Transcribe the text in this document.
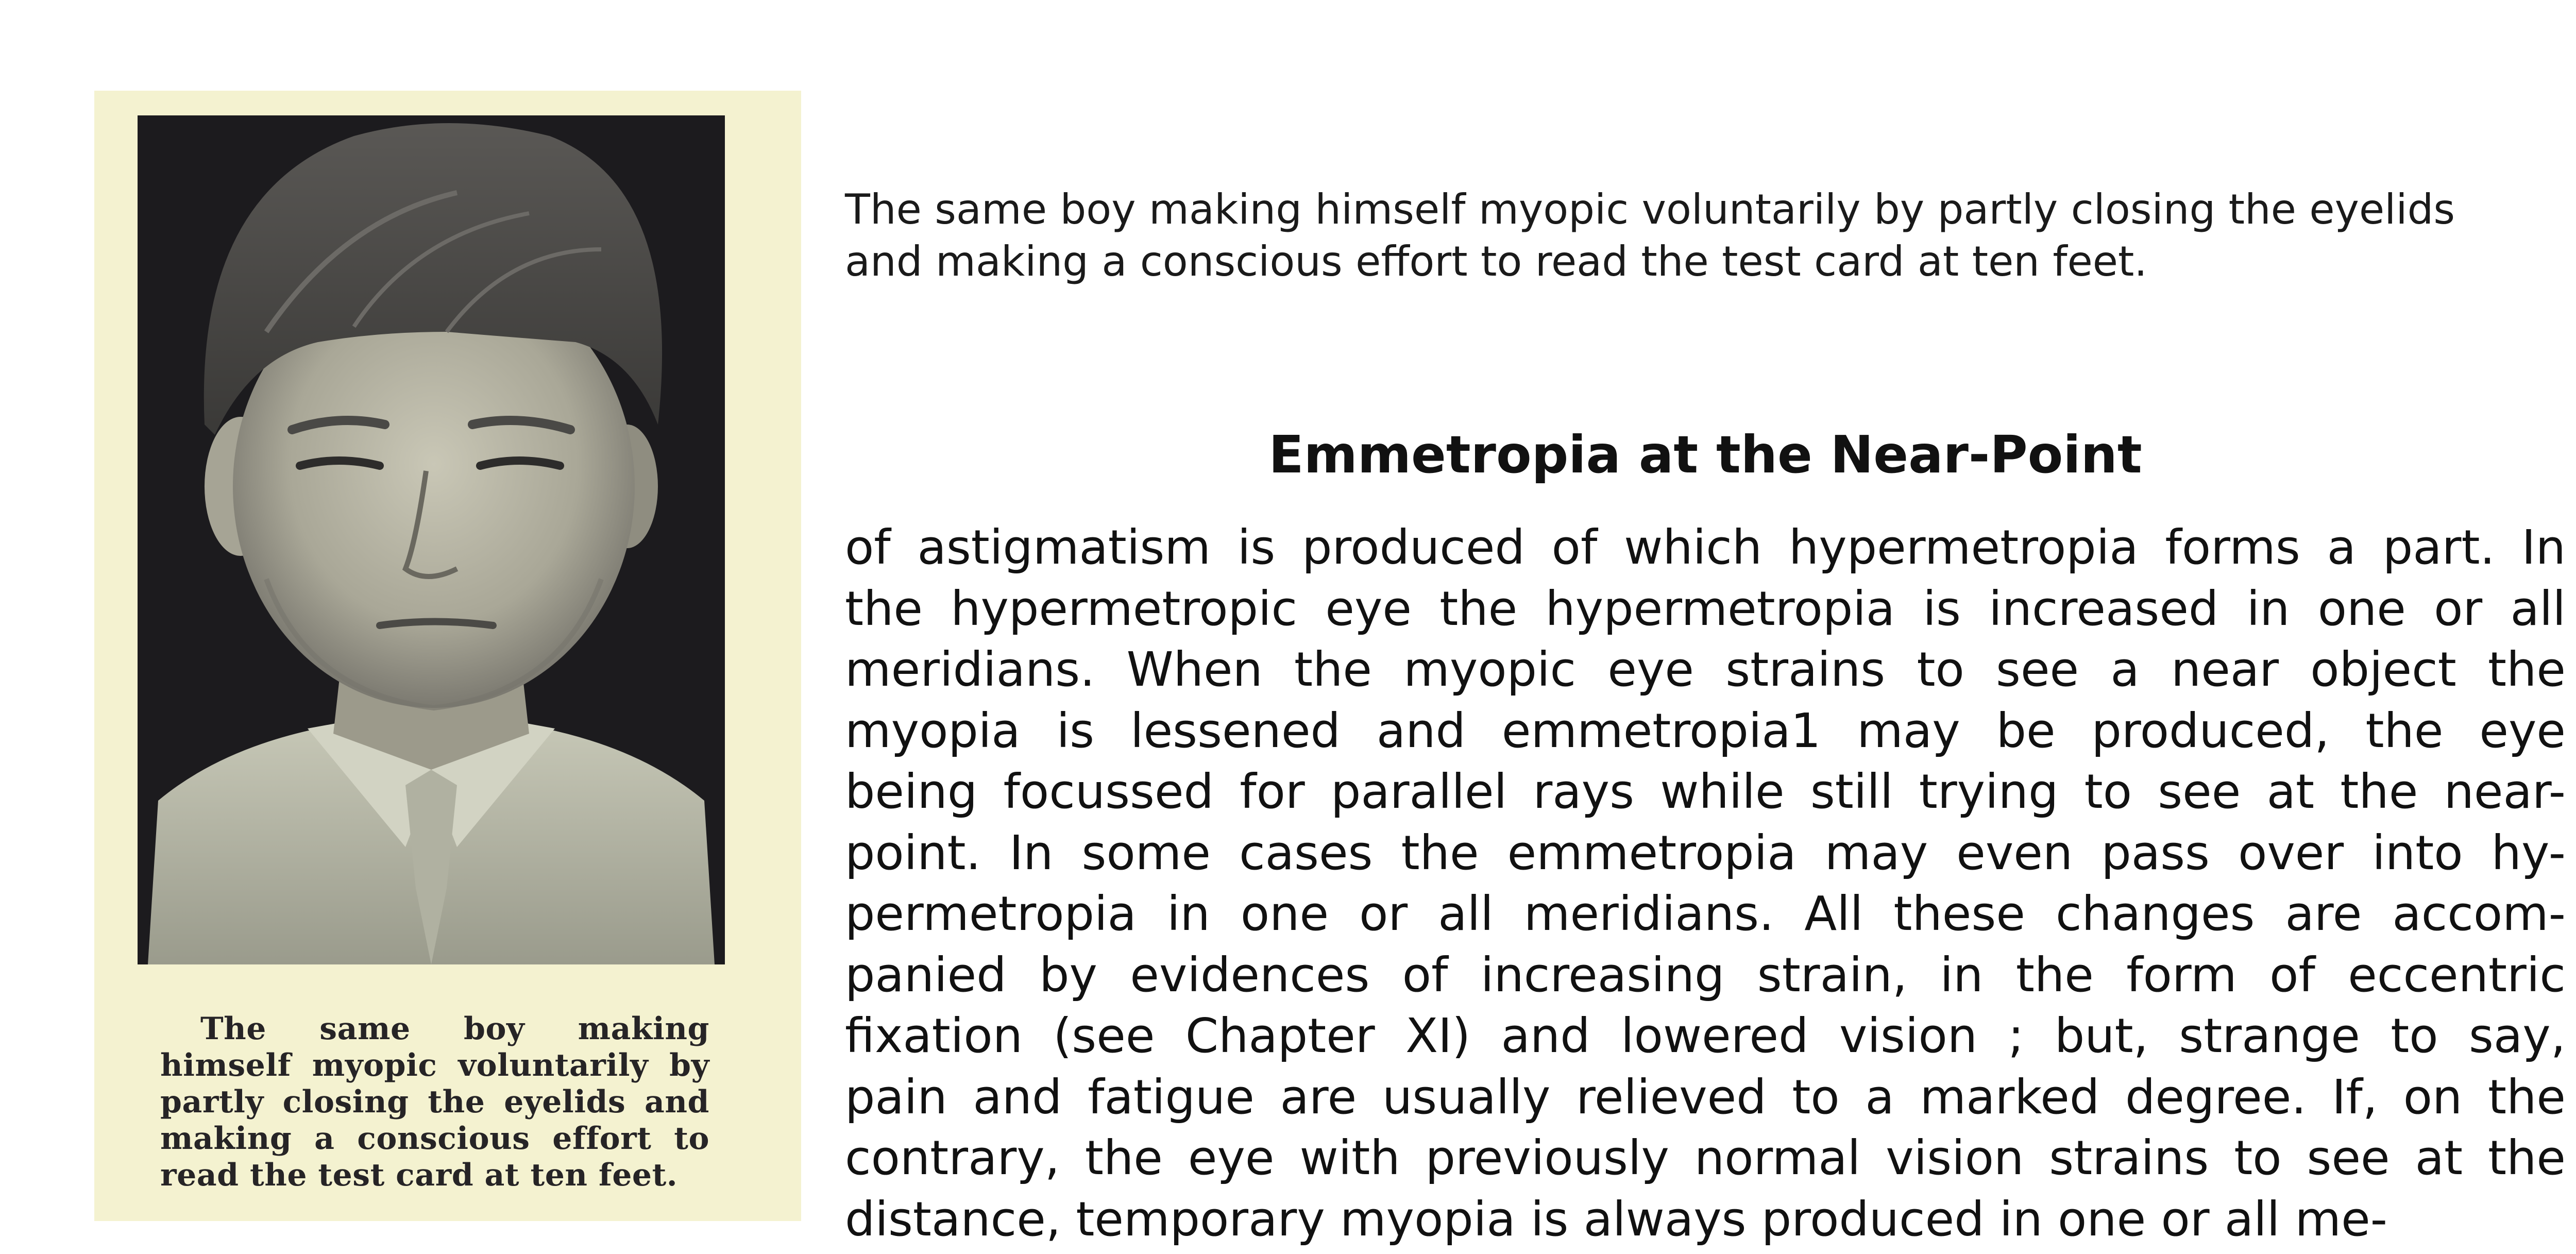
The same boy making himself myopic voluntarily by partly closing the eyelids and making a conscious effort to read the test card at ten feet.
The same boy making himself myopic voluntarily by partly closing the eyelids
and making a conscious effort to read the test card at ten feet.
Emmetropia at the Near-Point
of astigmatism is produced of which hypermetropia forms a part. In
the hypermetropic eye the hypermetropia is increased in one or all
meridians. When the myopic eye strains to see a near object the
myopia is lessened and emmetropia1 may be produced, the eye
being focussed for parallel rays while still trying to see at the near-
point. In some cases the emmetropia may even pass over into hy-
permetropia in one or all meridians. All these changes are accom-
panied by evidences of increasing strain, in the form of eccentric
fixation (see Chapter XI) and lowered vision ; but, strange to say,
pain and fatigue are usually relieved to a marked degree. If, on the
contrary, the eye with previously normal vision strains to see at the
distance, temporary myopia is always produced in one or all me-
